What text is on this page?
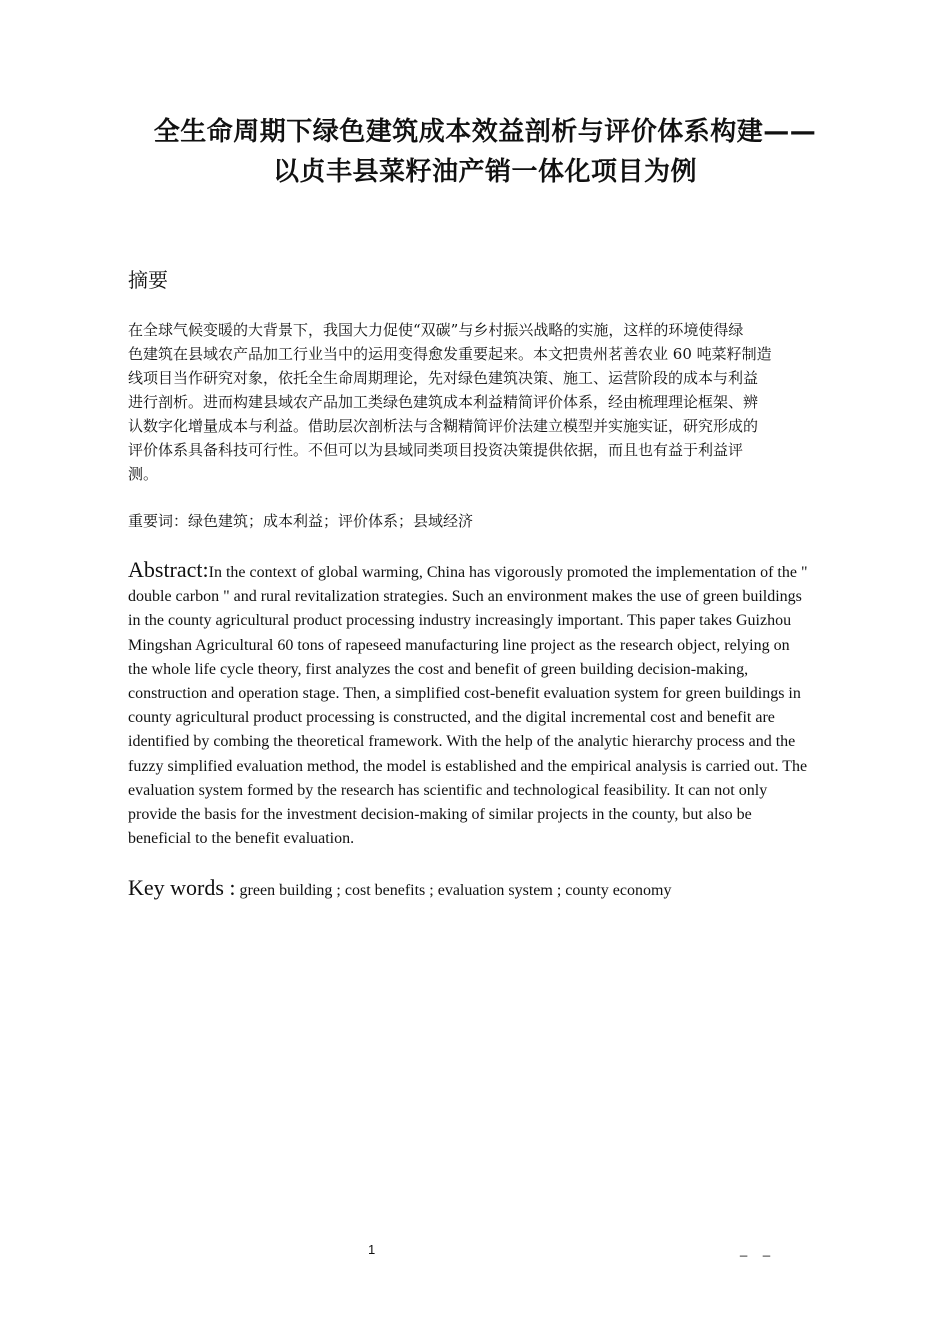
全生命周期下绿色建筑成本效益剖析与评价体系构建——
以贞丰县菜籽油产销一体化项目为例
摘要
在全球气候变暖的大背景下，我国大力促使“双碳”与乡村振兴战略的实施，这样的环境使得绿
色建筑在县域农产品加工行业当中的运用变得愈发重要起来。本文把贵州茗善农业 60 吨菜籽制造
线项目当作研究对象，依托全生命周期理论，先对绿色建筑决策、施工、运营阶段的成本与利益
进行剖析。进而构建县域农产品加工类绿色建筑成本利益精简评价体系，经由梳理理论框架、辨
认数字化增量成本与利益。借助层次剖析法与含糊精简评价法建立模型并实施实证，研究形成的
评价体系具备科技可行性。不但可以为县域同类项目投资决策提供依据，而且也有益于利益评
测。
重要词：绿色建筑；成本利益；评价体系；县域经济
Abstract:In the context of global warming, China has vigorously promoted the implementation of the "
double carbon " and rural revitalization strategies. Such an environment makes the use of green buildings
in the county agricultural product processing industry increasingly important. This paper takes Guizhou
Mingshan Agricultural 60 tons of rapeseed manufacturing line project as the research object, relying on
the whole life cycle theory, first analyzes the cost and benefit of green building decision-making,
construction and operation stage. Then, a simplified cost-benefit evaluation system for green buildings in
county agricultural product processing is constructed, and the digital incremental cost and benefit are
identified by combing the theoretical framework. With the help of the analytic hierarchy process and the
fuzzy simplified evaluation method, the model is established and the empirical analysis is carried out. The
evaluation system formed by the research has scientific and technological feasibility. It can not only
provide the basis for the investment decision-making of similar projects in the county, but also be
beneficial to the benefit evaluation.
Key words : green building ; cost benefits ; evaluation system ; county economy
1	_ _
